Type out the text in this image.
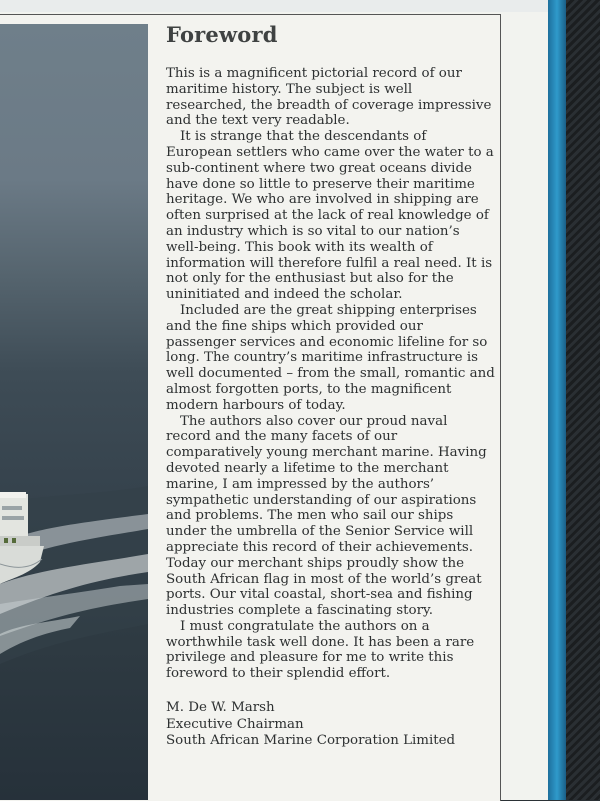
Foreword

This is a magnificent pictorial record of our maritime history. The subject is well researched, the breadth of coverage impressive and the text very readable.

It is strange that the descendants of European settlers who came over the water to a sub-continent where two great oceans divide have done so little to preserve their maritime heritage. We who are involved in shipping are often surprised at the lack of real knowledge of an industry which is so vital to our nation’s well-being. This book with its wealth of information will therefore fulfil a real need. It is not only for the enthusiast but also for the uninitiated and indeed the scholar.

Included are the great shipping enterprises and the fine ships which provided our passenger services and economic lifeline for so long. The country’s maritime infrastructure is well documented – from the small, romantic and almost forgotten ports, to the magnificent modern harbours of today.

The authors also cover our proud naval record and the many facets of our comparatively young merchant marine. Having devoted nearly a lifetime to the merchant marine, I am impressed by the authors’ sympathetic understanding of our aspirations and problems. The men who sail our ships under the umbrella of the Senior Service will appreciate this record of their achievements. Today our merchant ships proudly show the South African flag in most of the world’s great ports. Our vital coastal, short-sea and fishing industries complete a fascinating story.

I must congratulate the authors on a worthwhile task well done. It has been a rare privilege and pleasure for me to write this foreword to their splendid effort.

M. De W. Marsh
Executive Chairman
South African Marine Corporation Limited
